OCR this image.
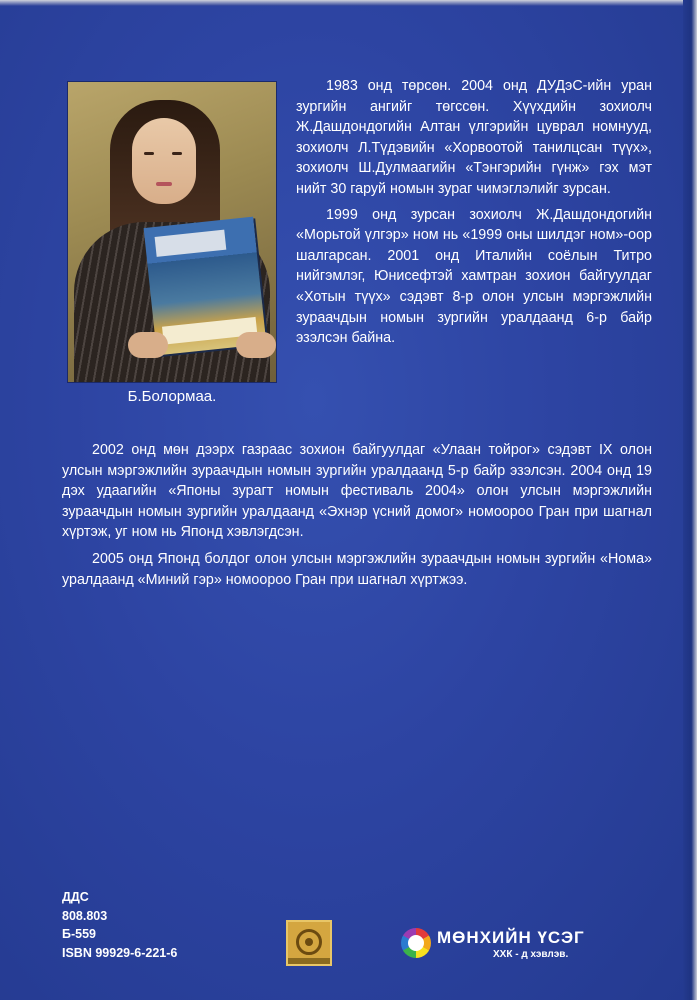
Б.Болормаа.

1983 онд төрсөн. 2004 онд ДУДэС-ийн уран зургийн ангийг төгссөн. Хүүхдийн зохиолч Ж.Дашдондогийн Алтан үлгэрийн цуврал номнууд, зохиолч Л.Түдэвийн «Хорвоотой танилцсан түүх», зохиолч Ш.Дулмаагийн «Тэнгэрийн гүнж» гэх мэт нийт 30 гаруй номын зураг чимэглэлийг зурсан.

1999 онд зурсан зохиолч Ж.Дашдондогийн «Морьтой үлгэр» ном нь «1999 оны шилдэг ном»-оор шалгарсан. 2001 онд Италийн соёлын Титро нийгэмлэг, Юнисефтэй хамтран зохион байгуулдаг «Хотын түүх» сэдэвт 8-р олон улсын мэргэжлийн зураачдын номын зургийн уралдаанд 6-р байр эзэлсэн байна.

2002 онд мөн дээрх газраас зохион байгуулдаг «Улаан тойрог» сэдэвт IX олон улсын мэргэжлийн зураачдын номын зургийн уралдаанд 5-р байр эзэлсэн. 2004 онд 19 дэх удаагийн «Японы зурагт номын фестиваль 2004» олон улсын мэргэжлийн зураачдын номын зургийн уралдаанд «Эхнэр үсний домог» номоороо Гран при шагнал хүртэж, уг ном нь Японд хэвлэгдсэн.

2005 онд Японд болдог олон улсын мэргэжлийн зураачдын номын зургийн «Нома» уралдаанд «Миний гэр» номоороо Гран при шагнал хүртжээ.

ДДС
808.803
Б-559
ISBN 99929-6-221-6
МӨНХИЙН ҮСЭГ
ХХК - д хэвлэв.
